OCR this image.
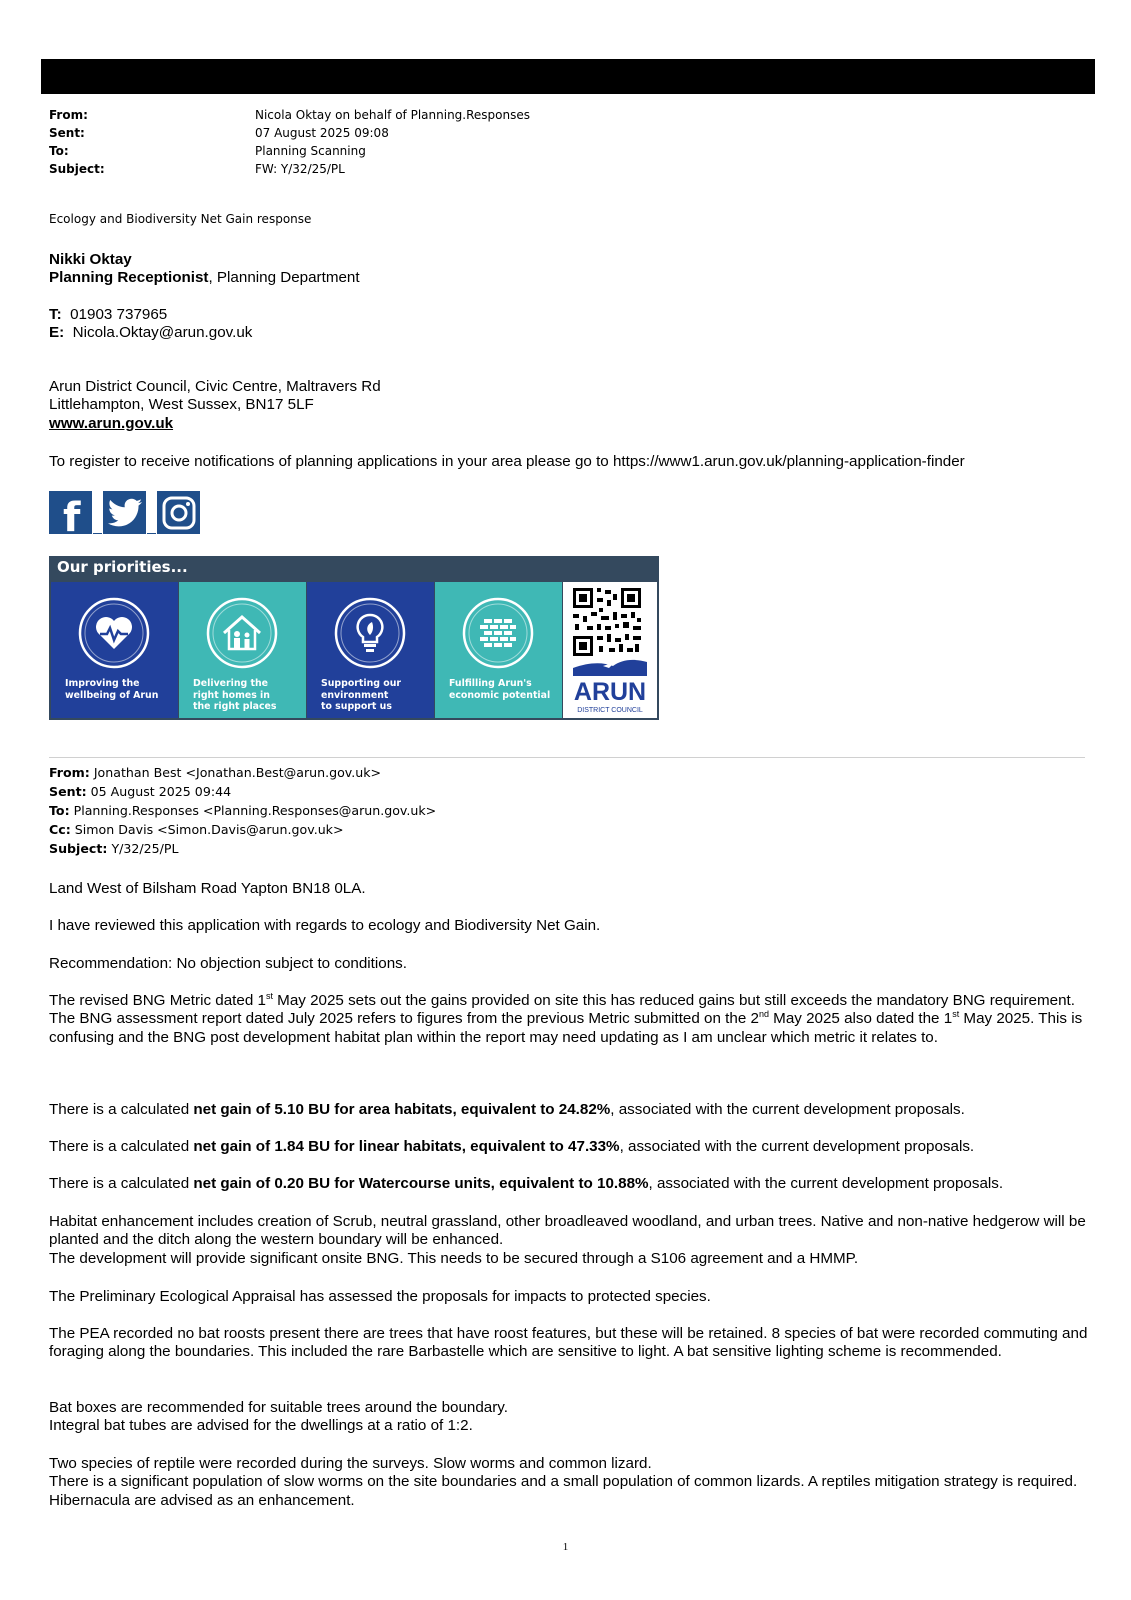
From:	Nicola Oktay on behalf of Planning.Responses
Sent:	07 August 2025 09:08
To:	Planning Scanning
Subject:	FW: Y/32/25/PL
Ecology and Biodiversity Net Gain response
Nikki Oktay
Planning Receptionist, Planning Department
T: 01903 737965
E: Nicola.Oktay@arun.gov.uk
Arun District Council, Civic Centre, Maltravers Rd
Littlehampton, West Sussex, BN17 5LF
www.arun.gov.uk
To register to receive notifications of planning applications in your area please go to https://www1.arun.gov.uk/planning-application-finder
f
Our priorities...
Improving the
wellbeing of Arun
Delivering the
right homes in
the right places
Supporting our
environment
to support us
Fulfilling Arun's
economic potential ARUN
DISTRICT COUNCIL
From: Jonathan Best <Jonathan.Best@arun.gov.uk>
Sent: 05 August 2025 09:44
To: Planning.Responses <Planning.Responses@arun.gov.uk>
Cc: Simon Davis <Simon.Davis@arun.gov.uk>
Subject: Y/32/25/PL
Land West of Bilsham Road Yapton BN18 0LA.
I have reviewed this application with regards to ecology and Biodiversity Net Gain.
Recommendation: No objection subject to conditions.
The revised BNG Metric dated 1st May 2025 sets out the gains provided on site this has reduced gains but still exceeds the mandatory BNG requirement.
The BNG assessment report dated July 2025 refers to figures from the previous Metric submitted on the 2nd May 2025 also dated the 1st May 2025. This is confusing and the BNG post development habitat plan within the report may need updating as I am unclear which metric it relates to.
There is a calculated net gain of 5.10 BU for area habitats, equivalent to 24.82%, associated with the current development proposals.
There is a calculated net gain of 1.84 BU for linear habitats, equivalent to 47.33%, associated with the current development proposals.
There is a calculated net gain of 0.20 BU for Watercourse units, equivalent to 10.88%, associated with the current development proposals.
Habitat enhancement includes creation of Scrub, neutral grassland, other broadleaved woodland, and urban trees. Native and non-native hedgerow will be planted and the ditch along the western boundary will be enhanced.
The development will provide significant onsite BNG. This needs to be secured through a S106 agreement and a HMMP.
The Preliminary Ecological Appraisal has assessed the proposals for impacts to protected species.
The PEA recorded no bat roosts present there are trees that have roost features, but these will be retained. 8 species of bat were recorded commuting and foraging along the boundaries. This included the rare Barbastelle which are sensitive to light. A bat sensitive lighting scheme is recommended.
Bat boxes are recommended for suitable trees around the boundary.
Integral bat tubes are advised for the dwellings at a ratio of 1:2.
Two species of reptile were recorded during the surveys. Slow worms and common lizard.
There is a significant population of slow worms on the site boundaries and a small population of common lizards. A reptiles mitigation strategy is required. Hibernacula are advised as an enhancement.
1
